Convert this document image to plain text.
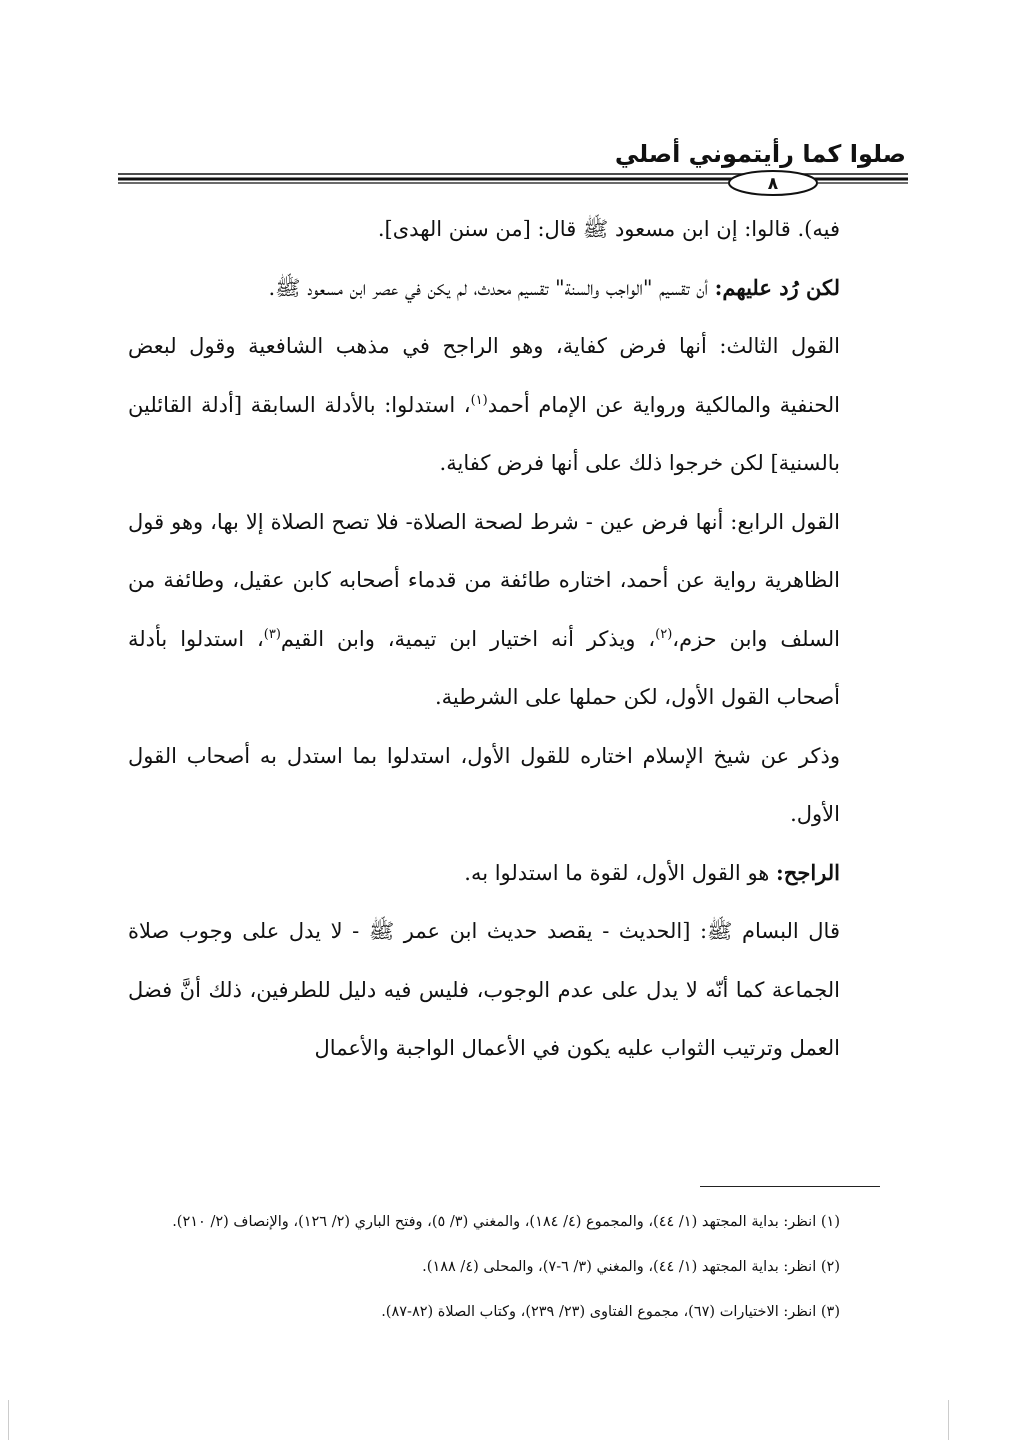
صلوا كما رأيتموني أصلي
٨

فيه). قالوا: إن ابن مسعود ﷺ قال: [من سنن الهدى].

لكن رُد عليهم: أن تقسيم "الواجب والسنة" تقسيم محدث، لم يكن في عصر ابن مسعود ﷺ.

القول الثالث: أنها فرض كفاية، وهو الراجح في مذهب الشافعية وقول لبعض الحنفية والمالكية ورواية عن الإمام أحمد$^{(١)}$، استدلوا: بالأدلة السابقة [أدلة القائلين بالسنية] لكن خرجوا ذلك على أنها فرض كفاية.

القول الرابع: أنها فرض عين - شرط لصحة الصلاة- فلا تصح الصلاة إلا بها، وهو قول الظاهرية رواية عن أحمد، اختاره طائفة من قدماء أصحابه كابن عقيل، وطائفة من السلف وابن حزم،$^{(٢)}$، ويذكر أنه اختيار ابن تيمية، وابن القيم$^{(٣)}$، استدلوا بأدلة أصحاب القول الأول، لكن حملها على الشرطية.

وذكر عن شيخ الإسلام اختاره للقول الأول، استدلوا بما استدل به أصحاب القول الأول.

الراجح: هو القول الأول، لقوة ما استدلوا به.

قال البسام ﷺ: [الحديث - يقصد حديث ابن عمر ﷺ - لا يدل على وجوب صلاة الجماعة كما أنّه لا يدل على عدم الوجوب، فليس فيه دليل للطرفين، ذلك أنَّ فضل العمل وترتيب الثواب عليه يكون في الأعمال الواجبة والأعمال

(١) انظر: بداية المجتهد (١/ ٤٤)، والمجموع (٤/ ١٨٤)، والمغني (٣/ ٥)، وفتح الباري (٢/ ١٢٦)، والإنصاف (٢/ ٢١٠).
(٢) انظر: بداية المجتهد (١/ ٤٤)، والمغني (٣/ ٦-٧)، والمحلى (٤/ ١٨٨).
(٣) انظر: الاختيارات (٦٧)، مجموع الفتاوى (٢٣/ ٢٣٩)، وكتاب الصلاة (٨٢-٨٧).
